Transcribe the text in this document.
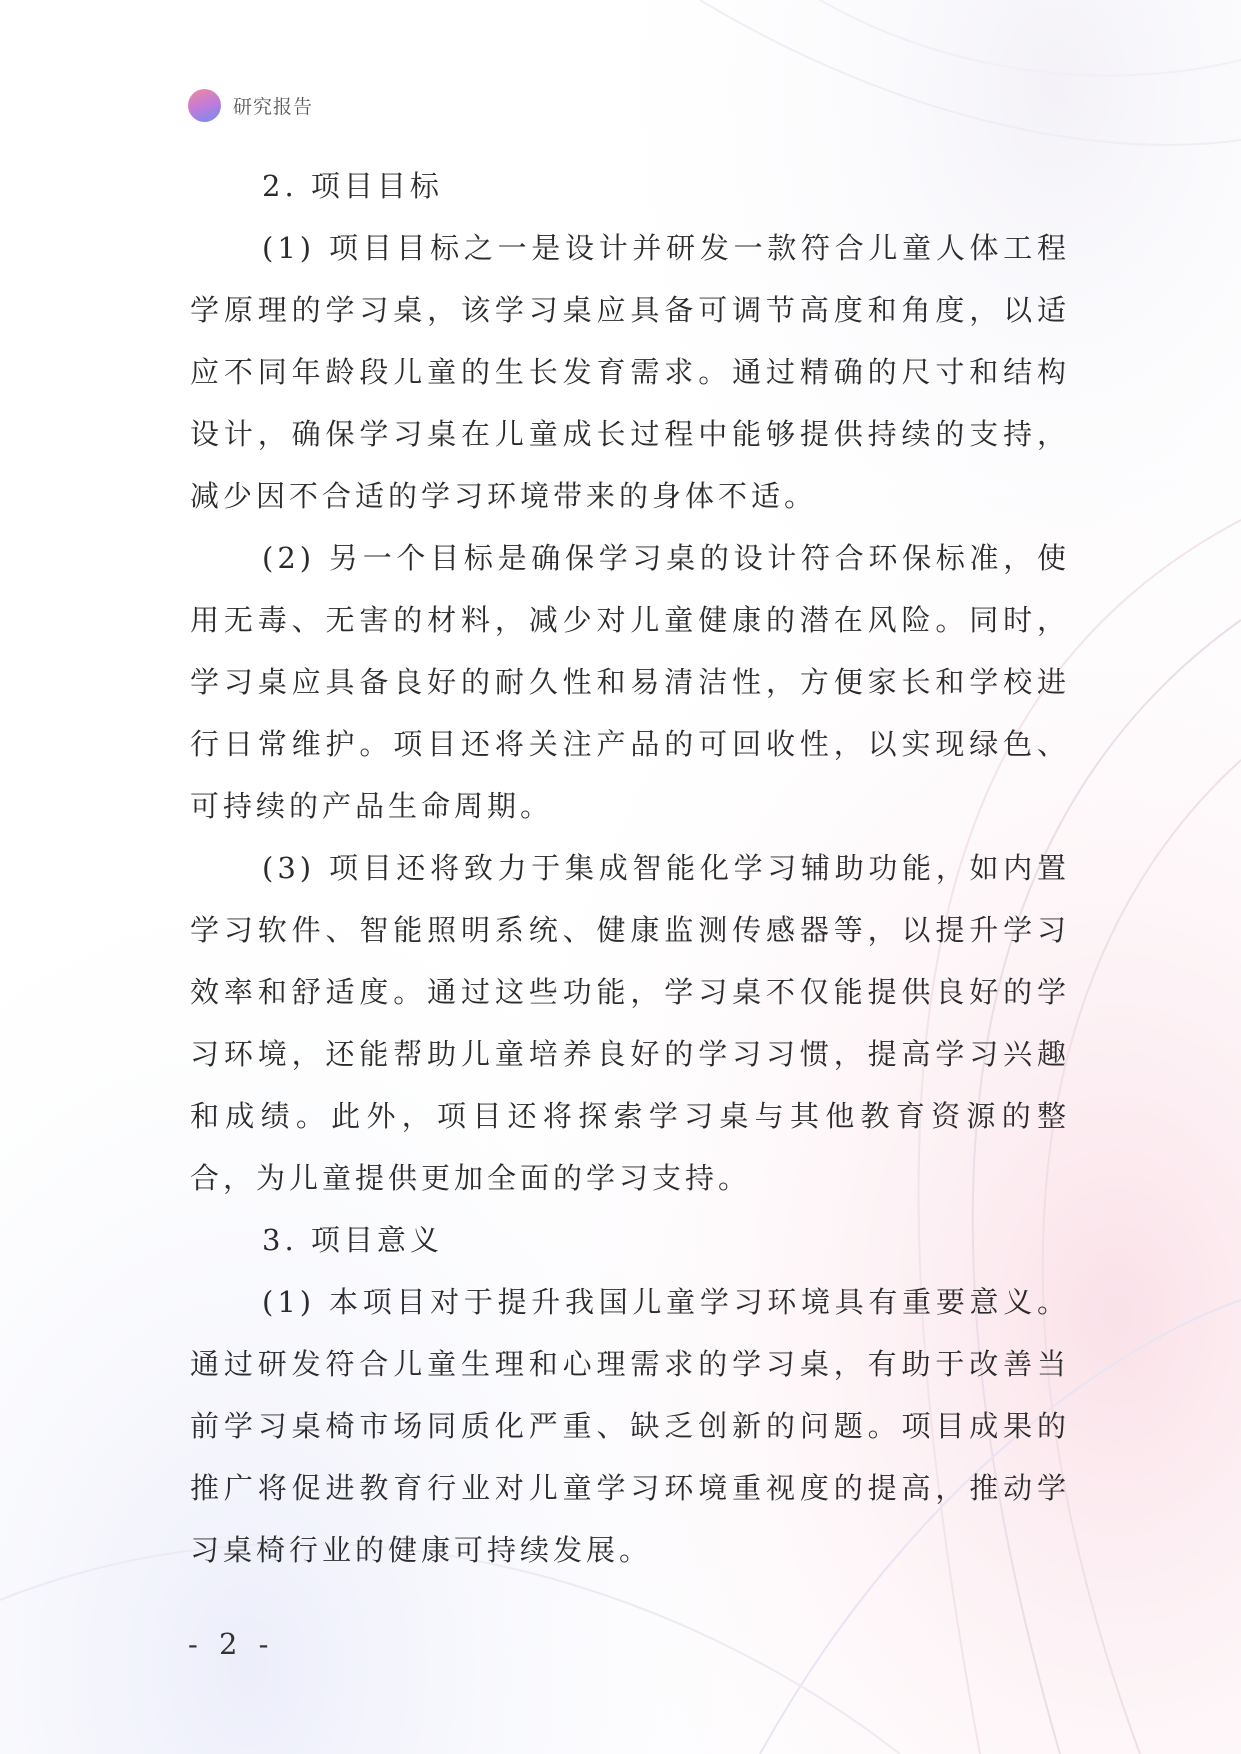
研究报告
2. 项目目标

(1) 项目目标之一是设计并研发一款符合儿童人体工程学原理的学习桌，该学习桌应具备可调节高度和角度，以适应不同年龄段儿童的生长发育需求。通过精确的尺寸和结构设计，确保学习桌在儿童成长过程中能够提供持续的支持，减少因不合适的学习环境带来的身体不适。

(2) 另一个目标是确保学习桌的设计符合环保标准，使用无毒、无害的材料，减少对儿童健康的潜在风险。同时，学习桌应具备良好的耐久性和易清洁性，方便家长和学校进行日常维护。项目还将关注产品的可回收性，以实现绿色、可持续的产品生命周期。

(3) 项目还将致力于集成智能化学习辅助功能，如内置学习软件、智能照明系统、健康监测传感器等，以提升学习效率和舒适度。通过这些功能，学习桌不仅能提供良好的学习环境，还能帮助儿童培养良好的学习习惯，提高学习兴趣和成绩。此外，项目还将探索学习桌与其他教育资源的整合，为儿童提供更加全面的学习支持。

3. 项目意义

(1) 本项目对于提升我国儿童学习环境具有重要意义。通过研发符合儿童生理和心理需求的学习桌，有助于改善当前学习桌椅市场同质化严重、缺乏创新的问题。项目成果的推广将促进教育行业对儿童学习环境重视度的提高，推动学习桌椅行业的健康可持续发展。

- 2 -
